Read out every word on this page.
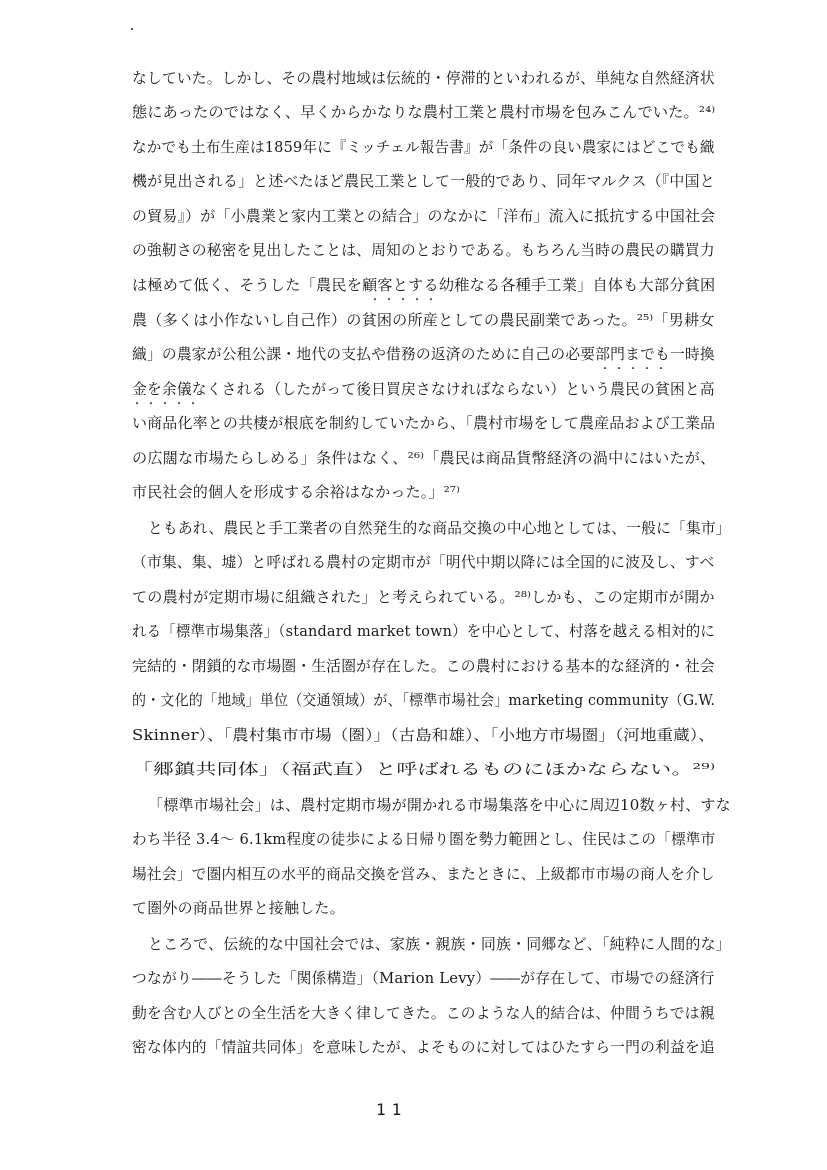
なしていた。しかし、その農村地域は伝統的・停滞的といわれるが、単純な自然経済状
態にあったのではなく、早くからかなりな農村工業と農村市場を包みこんでいた。²⁴⁾
なかでも土布生産は1859年に『ミッチェル報告書』が「条件の良い農家にはどこでも織
機が見出される」と述べたほど農民工業として一般的であり、同年マルクス（『中国と
の貿易』）が「小農業と家内工業との結合」のなかに「洋布」流入に抵抗する中国社会
の強靭さの秘密を見出したことは、周知のとおりである。もちろん当時の農民の購買力
は極めて低く、そうした「農民を顧客とする幼稚なる各種手工業」自体も大部分貧困
・・・・・
農（多くは小作ないし自己作）の貧困の所産としての農民副業であった。²⁵⁾「男耕女
織」の農家が公租公課・地代の支払や借務の返済のために自己の必要部門までも一時換
・・・・・
金を余儀なくされる（したがって後日買戻さなければならない）という農民の貧困と高
・・・・・
い商品化率との共棲が根底を制約していたから、「農村市場をして農産品および工業品
の広闊な市場たらしめる」条件はなく、²⁶⁾「農民は商品貨幣経済の渦中にはいたが、
市民社会的個人を形成する余裕はなかった。」²⁷⁾
ともあれ、農民と手工業者の自然発生的な商品交換の中心地としては、一般に「集市」
（市集、集、墟）と呼ばれる農村の定期市が「明代中期以降には全国的に波及し、すべ
ての農村が定期市場に組織された」と考えられている。²⁸⁾しかも、この定期市が開か
れる「標準市場集落」（standard market town）を中心として、村落を越える相対的に
完結的・閉鎖的な市場圏・生活圏が存在した。この農村における基本的な経済的・社会
的・文化的「地域」単位（交通領域）が、「標準市場社会」marketing community（G.W.
Skinner）、「農村集市市場（圏）」（古島和雄）、「小地方市場圏」（河地重蔵）、
「郷鎮共同体」（福武直）と呼ばれるものにほかならない。²⁹⁾
「標準市場社会」は、農村定期市場が開かれる市場集落を中心に周辺10数ヶ村、すな
わち半径 3.4～ 6.1km程度の徒歩による日帰り圏を勢力範囲とし、住民はこの「標準市
場社会」で圏内相互の水平的商品交換を営み、またときに、上級都市市場の商人を介し
て圏外の商品世界と接触した。
ところで、伝統的な中国社会では、家族・親族・同族・同郷など、「純粋に人間的な」
つながり――そうした「関係構造」（Marion Levy）――が存在して、市場での経済行
動を含む人びとの全生活を大きく律してきた。このような人的結合は、仲間うちでは親
密な体内的「情誼共同体」を意味したが、よそものに対してはひたすら一門の利益を追
11
